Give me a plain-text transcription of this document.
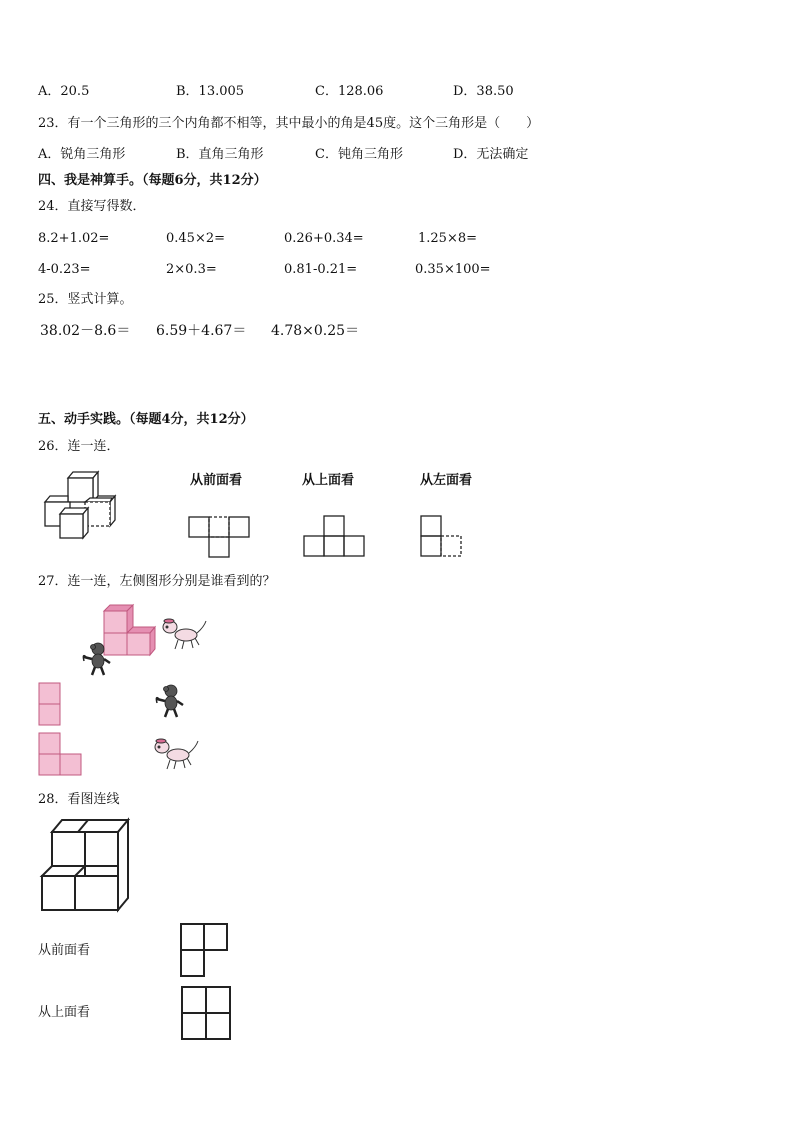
A．20.5	B．13.005	C．128.06	D．38.50
23．有一个三角形的三个内角都不相等，其中最小的角是45度。这个三角形是（　　）
A．锐角三角形	B．直角三角形	C．钝角三角形	D．无法确定
四、我是神算手。（每题6分，共12分）
24．直接写得数．
8.2+1.02=	0.45×2=	0.26+0.34=	1.25×8=
4-0.23=	2×0.3=	0.81-0.21=	0.35×100=
25．竖式计算。
38.02－8.6＝ 6.59＋4.67＝ 4.78×0.25＝
五、动手实践。（每题4分，共12分）
26．连一连．
从前面看	从上面看	从左面看
27．连一连，左侧图形分别是谁看到的？
28．看图连线
从前面看
从上面看
